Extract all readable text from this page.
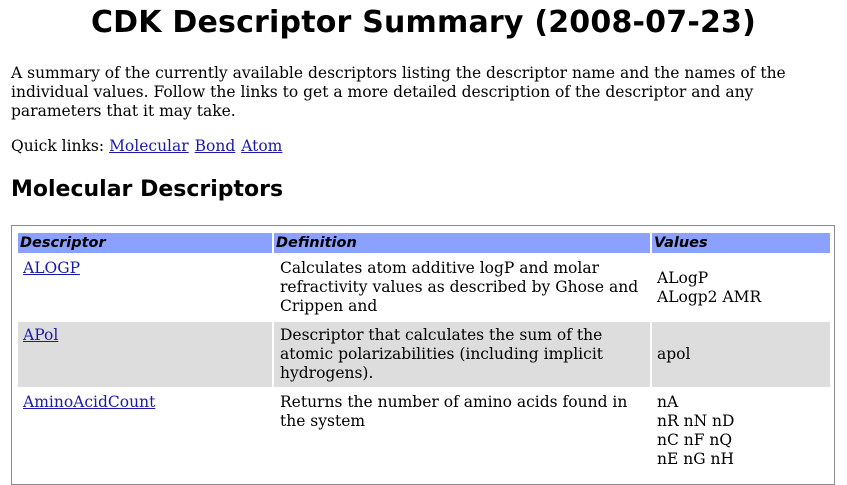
CDK Descriptor Summary (2008-07-23)

A summary of the currently available descriptors listing the descriptor name and the names of the individual values. Follow the links to get a more detailed description of the descriptor and any parameters that it may take.

Quick links: Molecular Bond Atom

Molecular Descriptors
Descriptor	Definition	Values
ALOGP	Calculates atom additive logP and molar refractivity values as described by Ghose and Crippen and	ALogP
ALogp2 AMR

APol	Descriptor that calculates the sum of the atomic polarizabilities (including implicit hydrogens).	apol

AminoAcidCount	Returns the number of amino acids found in the system	nA
nR nN nD
nC nF nQ
nE nG nH
